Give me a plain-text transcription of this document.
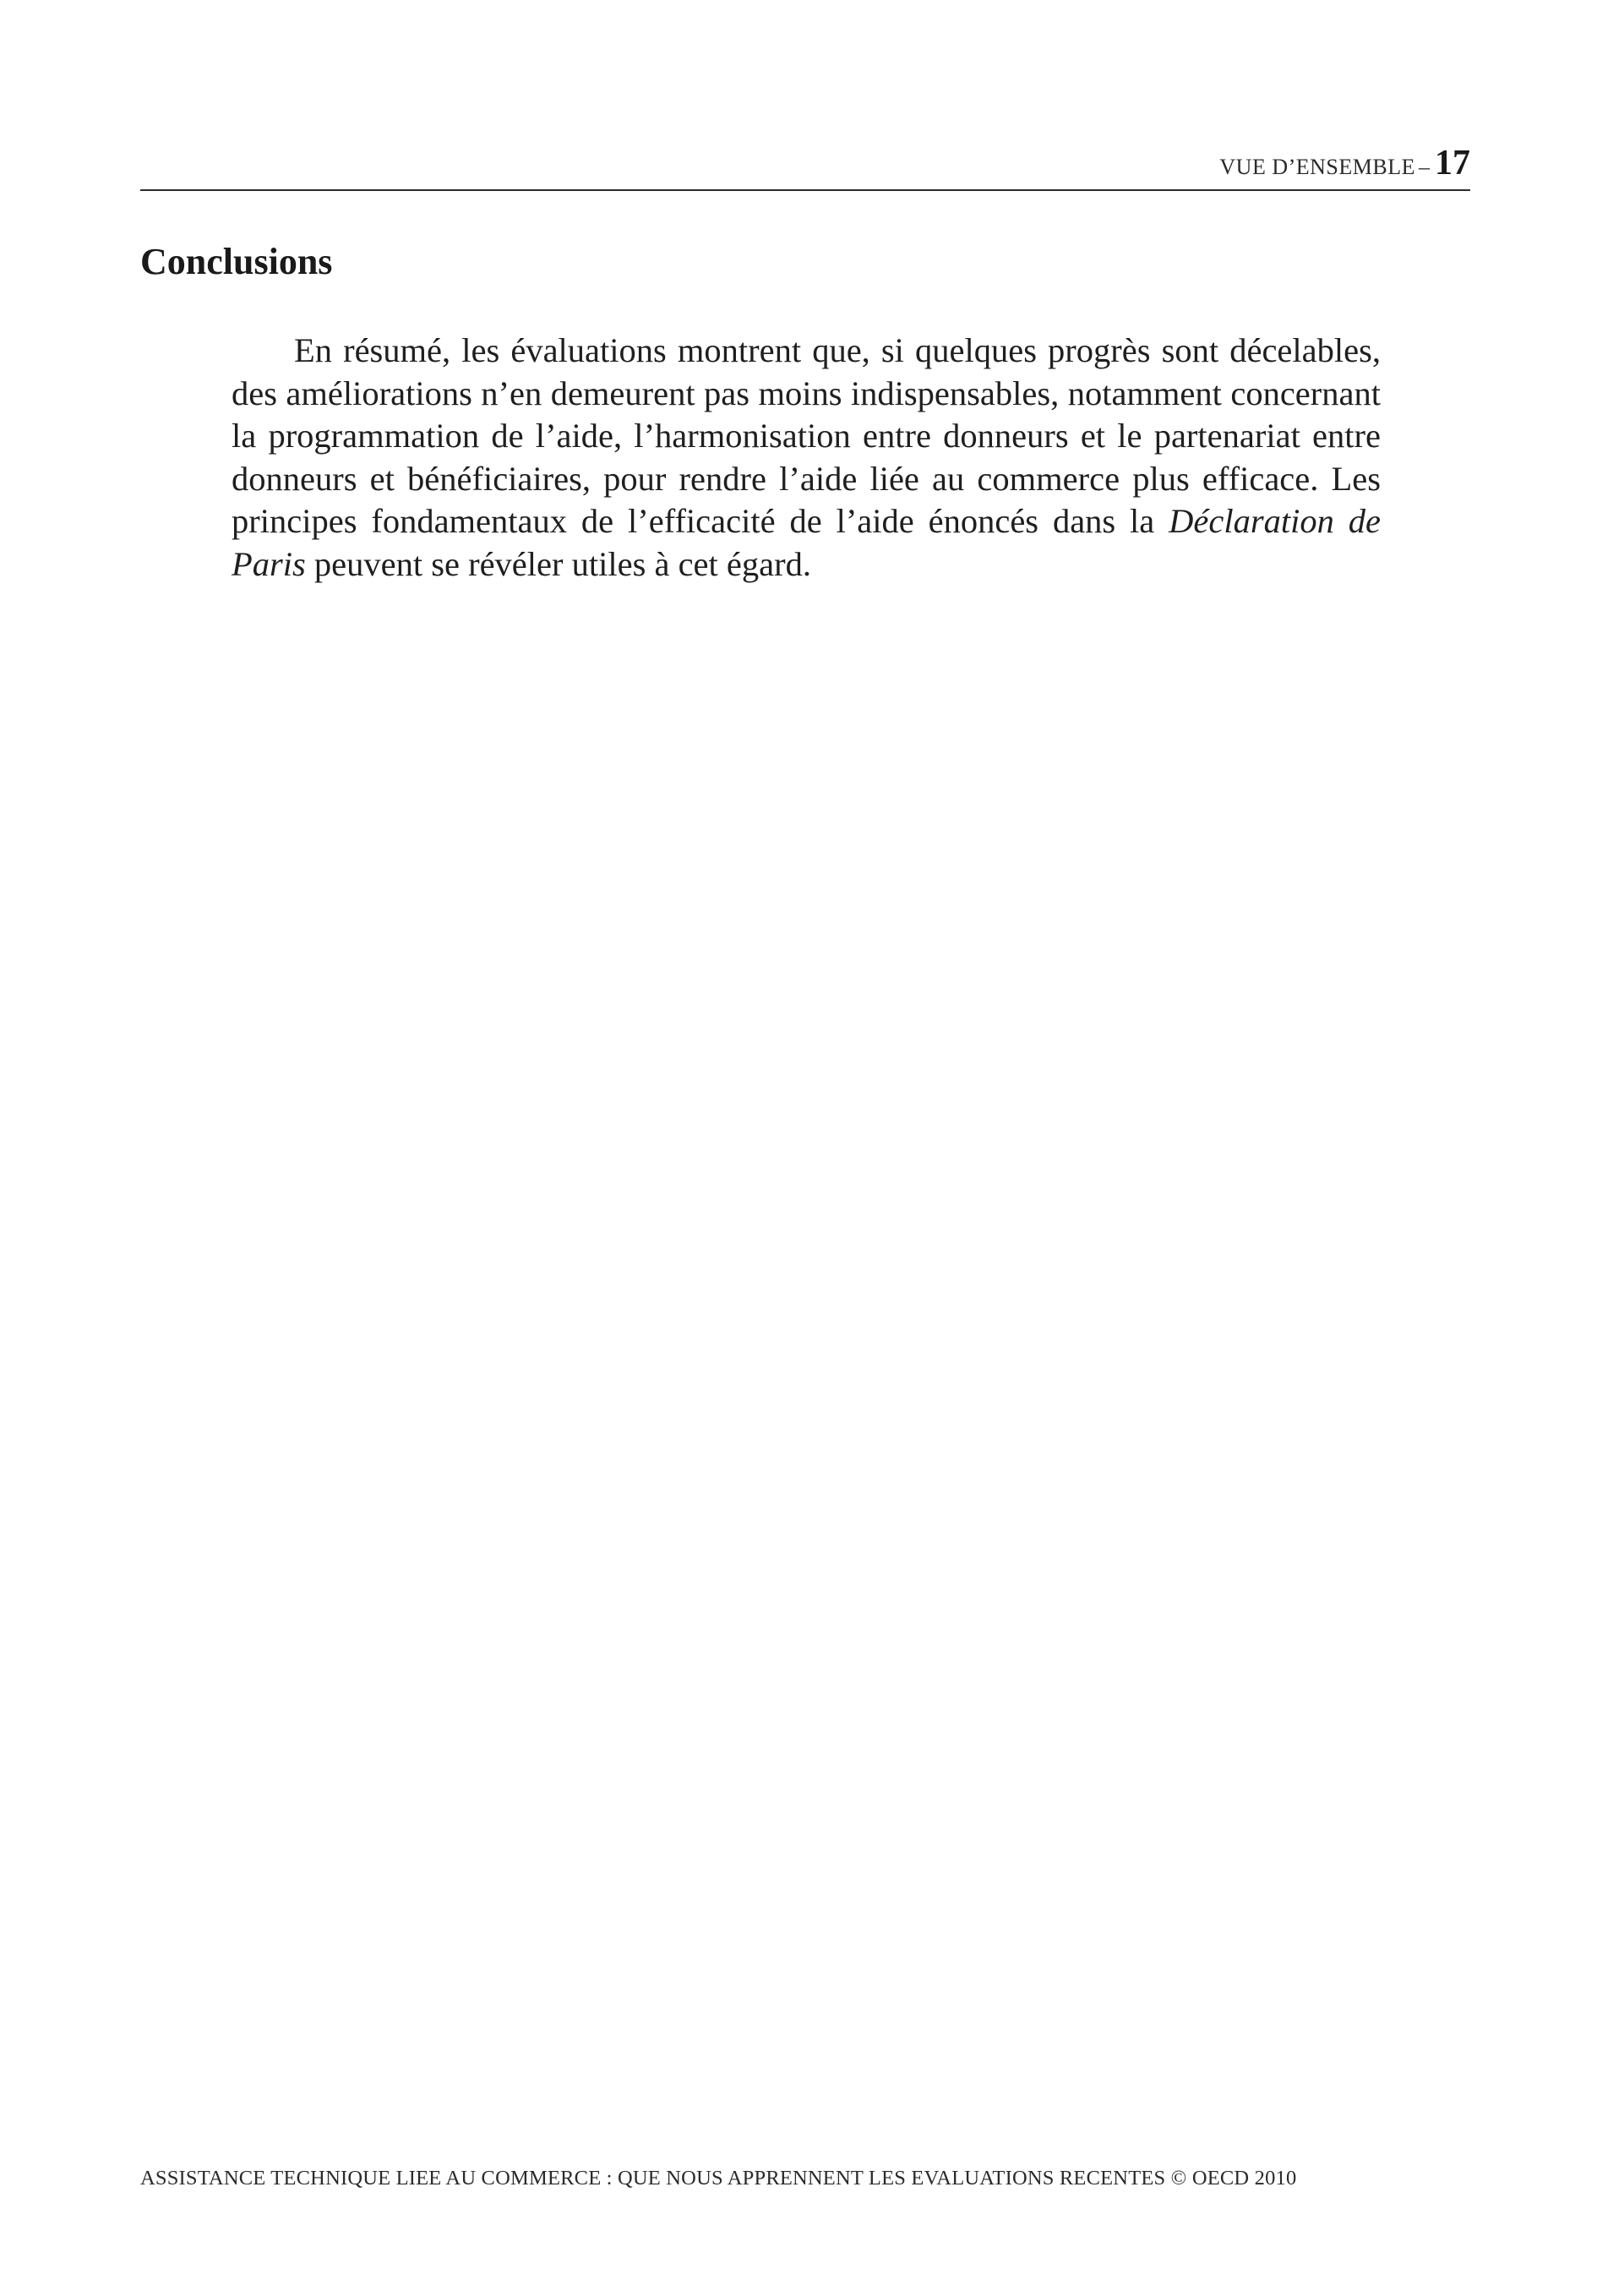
VUE D’ENSEMBLE – 17
Conclusions

En résumé, les évaluations montrent que, si quelques progrès sont décelables, des améliorations n’en demeurent pas moins indispensables, notamment concernant la programmation de l’aide, l’harmonisation entre donneurs et le partenariat entre donneurs et bénéficiaires, pour rendre l’aide liée au commerce plus efficace. Les principes fondamentaux de l’efficacité de l’aide énoncés dans la Déclaration de Paris peuvent se révéler utiles à cet égard.

ASSISTANCE TECHNIQUE LIEE AU COMMERCE : QUE NOUS APPRENNENT LES EVALUATIONS RECENTES © OECD 2010
